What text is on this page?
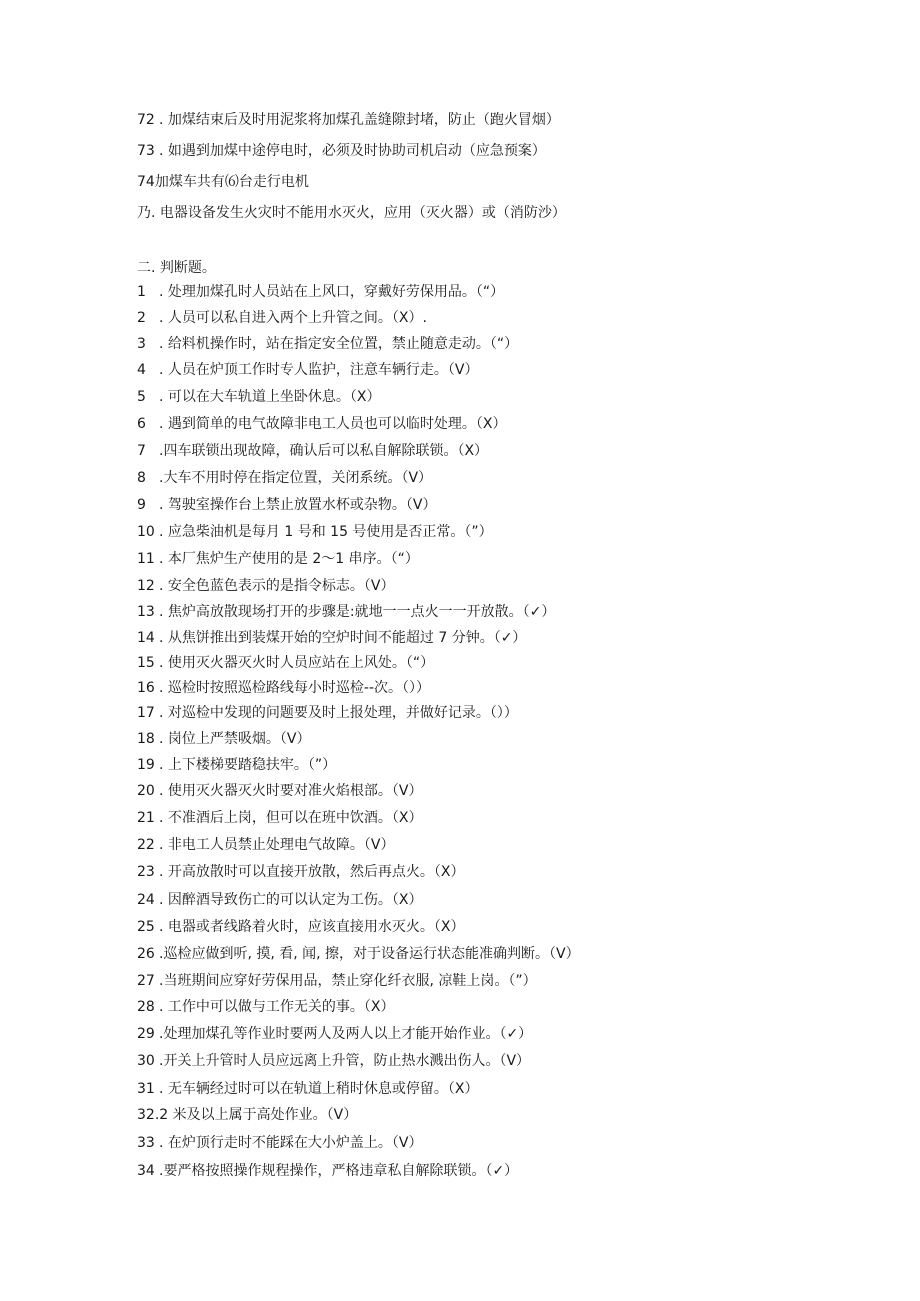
72 . 加煤结束后及时用泥浆将加煤孔盖缝隙封堵，防止（跑火冒烟）
73 . 如遇到加煤中途停电时，必须及时协助司机启动（应急预案）
74加煤车共有⑹台走行电机
乃. 电器设备发生火灾时不能用水灭火，应用（灭火器）或（消防沙）
二. 判断题。
1 . 处理加煤孔时人员站在上风口，穿戴好劳保用品。（“）
2 . 人员可以私自进入两个上升管之间。（X）.
3 . 给料机操作时，站在指定安全位置，禁止随意走动。（“）
4 . 人员在炉顶工作时专人监护，注意车辆行走。（V）
5 . 可以在大车轨道上坐卧休息。（X）
6 . 遇到简单的电气故障非电工人员也可以临时处理。（X）
7 .四车联锁出现故障，确认后可以私自解除联锁。（X）
8 .大车不用时停在指定位置，关闭系统。（V）
9 . 驾驶室操作台上禁止放置水杯或杂物。（V）
10 . 应急柴油机是每月 1 号和 15 号使用是否正常。（”）
11 . 本厂焦炉生产使用的是 2～1 串序。（“）
12 . 安全色蓝色表示的是指令标志。（V）
13 . 焦炉高放散现场打开的步骤是:就地一一点火一一开放散。（✓）
14 . 从焦饼推出到装煤开始的空炉时间不能超过 7 分钟。（✓）
15 . 使用灭火器灭火时人员应站在上风处。（“）
16 . 巡检时按照巡检路线每小时巡检--次。（））
17 . 对巡检中发现的问题要及时上报处理，并做好记录。（））
18 . 岗位上严禁吸烟。（V）
19 . 上下楼梯要踏稳扶牢。（”）
20 . 使用灭火器灭火时要对准火焰根部。（V）
21 . 不准酒后上岗，但可以在班中饮酒。（X）
22 . 非电工人员禁止处理电气故障。（V）
23 . 开高放散时可以直接开放散，然后再点火。（X）
24 . 因醉酒导致伤亡的可以认定为工伤。（X）
25 . 电器或者线路着火时，应该直接用水灭火。（X）
26 .巡检应做到听, 摸, 看, 闻, 擦，对于设备运行状态能准确判断。（V）
27 .当班期间应穿好劳保用品，禁止穿化纤衣服, 凉鞋上岗。（”）
28 . 工作中可以做与工作无关的事。（X）
29 .处理加煤孔等作业时要两人及两人以上才能开始作业。（✓）
30 .开关上升管时人员应远离上升管，防止热水溅出伤人。（V）
31 . 无车辆经过时可以在轨道上稍时休息或停留。（X）
32.2 米及以上属于高处作业。（V）
33 . 在炉顶行走时不能踩在大小炉盖上。（V）
34 .要严格按照操作规程操作，严格违章私自解除联锁。（✓）
